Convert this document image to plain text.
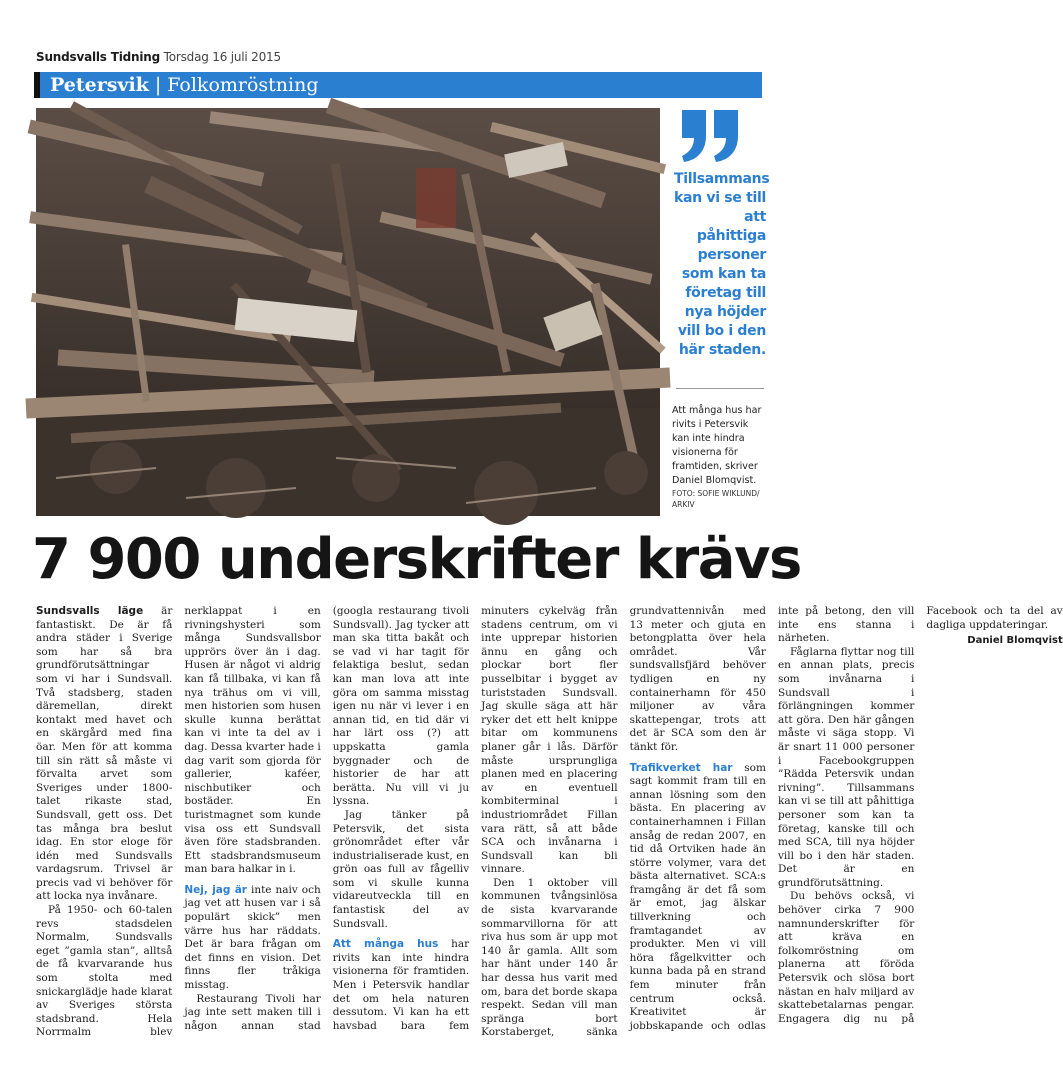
Sundsvalls Tidning Torsdag 16 juli 2015
Petersvik | Folkomröstning
Tillsammans kan vi se till att påhittiga personer som kan ta företag till nya höjder vill bo i den här staden.
Att många hus har rivits i Petersvik kan inte hindra visionerna för framtiden, skriver Daniel Blomqvist.
FOTO: SOFIE WIKLUND/ ARKIV
7 900 underskrifter krävs

Sundsvalls läge är fantastiskt. De är få andra städer i Sverige som har så bra grundförutsättningar som vi har i Sundsvall. Två stadsberg, staden däremellan, direkt kontakt med havet och en skärgård med fina öar. Men för att komma till sin rätt så måste vi förvalta arvet som Sveriges under 1800-talet rikaste stad, Sundsvall, gett oss. Det tas många bra beslut idag. En stor eloge för idén med Sundsvalls vardagsrum. Trivsel är precis vad vi behöver för att locka nya invånare.

På 1950- och 60-talen revs stadsdelen Normalm, Sundsvalls eget ”gamla stan”, alltså de få kvarvarande hus som stolta med snickarglädje hade klarat av Sveriges största stadsbrand. Hela Norrmalm blev nerklappat i en rivningshysteri som många Sundsvallsbor upprörs över än i dag. Husen är något vi aldrig kan få tillbaka, vi kan få nya trähus om vi vill, men historien som husen skulle kunna berättat kan vi inte ta del av i dag. Dessa kvarter hade i dag varit som gjorda för gallerier, kaféer, nischbutiker och bostäder. En turistmagnet som kunde visa oss ett Sundsvall även före stadsbranden. Ett stadsbrandsmuseum man bara halkar in i.

Nej, jag är inte naiv och jag vet att husen var i så populärt skick” men värre hus har räddats. Det är bara frågan om det finns en vision. Det finns fler tråkiga misstag.

Restaurang Tivoli har jag inte sett maken till i någon annan stad (googla restaurang tivoli Sundsvall). Jag tycker att man ska titta bakåt och se vad vi har tagit för felaktiga beslut, sedan kan man lova att inte göra om samma misstag igen nu när vi lever i en annan tid, en tid där vi har lärt oss (?) att uppskatta gamla byggnader och de historier de har att berätta. Nu vill vi ju lyssna.

Jag tänker på Petersvik, det sista grönområdet efter vår industrialiserade kust, en grön oas full av fågelliv som vi skulle kunna vidareutveckla till en fantastisk del av Sundsvall.

Att många hus har rivits kan inte hindra visionerna för framtiden. Men i Petersvik handlar det om hela naturen dessutom. Vi kan ha ett havsbad bara fem minuters cykelväg från stadens centrum, om vi inte upprepar historien ännu en gång och plockar bort fler pusselbitar i bygget av turiststaden Sundsvall. Jag skulle säga att här ryker det ett helt knippe bitar om kommunens planer går i lås. Därför måste ursprungliga planen med en placering av en eventuell kombiterminal i industriområdet Fillan vara rätt, så att både SCA och invånarna i Sundsvall kan bli vinnare.

Den 1 oktober vill kommunen tvångsinlösa de sista kvarvarande sommarvillorna för att riva hus som är upp mot 140 år gamla. Allt som har hänt under 140 år har dessa hus varit med om, bara det borde skapa respekt. Sedan vill man spränga bort Korstaberget, sänka grundvattennivån med 13 meter och gjuta en betongplatta över hela området. Vår sundsvallsfjärd behöver tydligen en ny containerhamn för 450 miljoner av våra skattepengar, trots att det är SCA som den är tänkt för.

Trafikverket har som sagt kommit fram till en annan lösning som den bästa. En placering av containerhamnen i Fillan ansåg de redan 2007, en tid då Ortviken hade än större volymer, vara det bästa alternativet. SCA:s framgång är det få som är emot, jag älskar tillverkning och framtagandet av produkter. Men vi vill höra fågelkvitter och kunna bada på en strand fem minuter från centrum också. Kreativitet är jobbskapande och odlas inte på betong, den vill inte ens stanna i närheten.

Fåglarna flyttar nog till en annan plats, precis som invånarna i Sundsvall i förlängningen kommer att göra. Den här gången måste vi säga stopp. Vi är snart 11 000 personer i Facebookgruppen ”Rädda Petersvik undan rivning”. Tillsammans kan vi se till att påhittiga personer som kan ta företag, kanske till och med SCA, till nya höjder vill bo i den här staden. Det är en grundförutsättning.

Du behövs också, vi behöver cirka 7 900 namnunderskrifter för att kräva en folkomröstning om planerna att föröda Petersvik och slösa bort nästan en halv miljard av skattebetalarnas pengar. Engagera dig nu på Facebook och ta del av dagliga uppdateringar.

Daniel Blomqvist
